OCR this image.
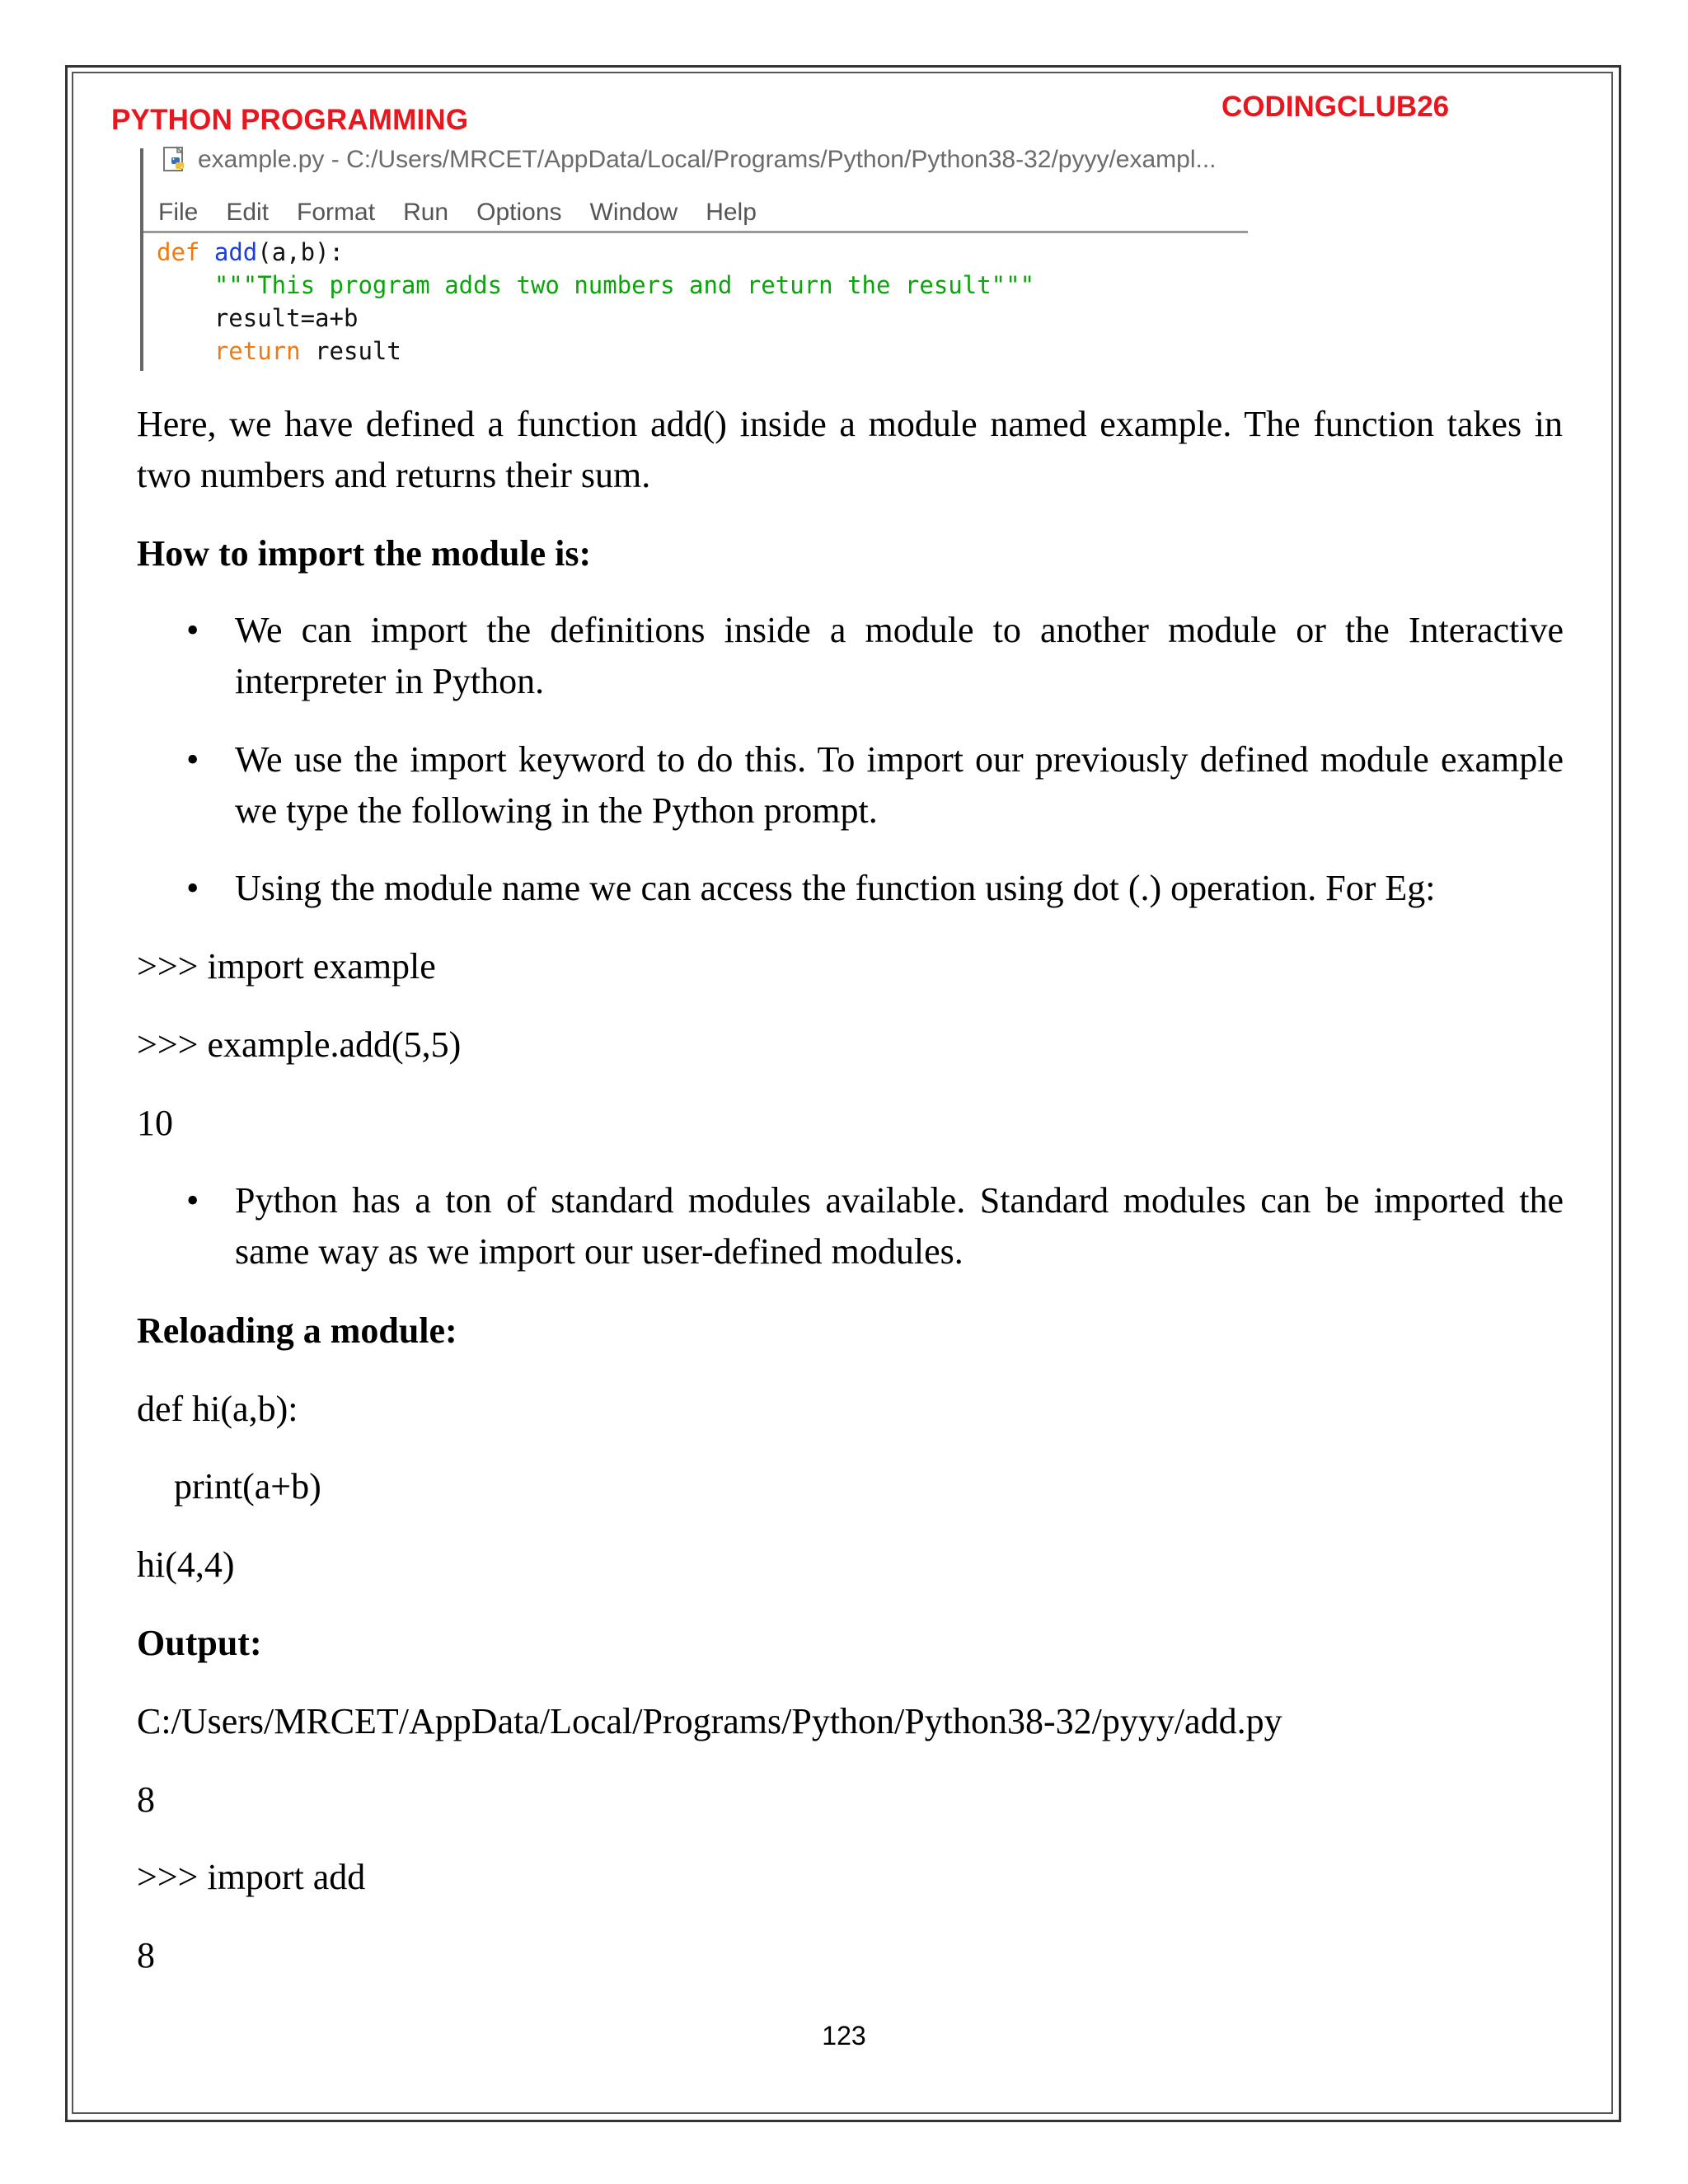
PYTHON PROGRAMMING	CODINGCLUB26
example.py - C:/Users/MRCET/AppData/Local/Programs/Python/Python38-32/pyyy/exampl...
File Edit Format Run Options Window Help
def add(a,b):
"""This program adds two numbers and return the result"""
result=a+b
return result
Here, we have defined a function add() inside a module named example. The function takes in two numbers and returns their sum.
How to import the module is:
• We can import the definitions inside a module to another module or the Interactive interpreter in Python.
• We use the import keyword to do this. To import our previously defined module example we type the following in the Python prompt.
• Using the module name we can access the function using dot (.) operation. For Eg:
>>> import example
>>> example.add(5,5)
10
• Python has a ton of standard modules available. Standard modules can be imported the same way as we import our user-defined modules.
Reloading a module:
def hi(a,b):
print(a+b)
hi(4,4)
Output:
C:/Users/MRCET/AppData/Local/Programs/Python/Python38-32/pyyy/add.py
8
>>> import add
8
123
